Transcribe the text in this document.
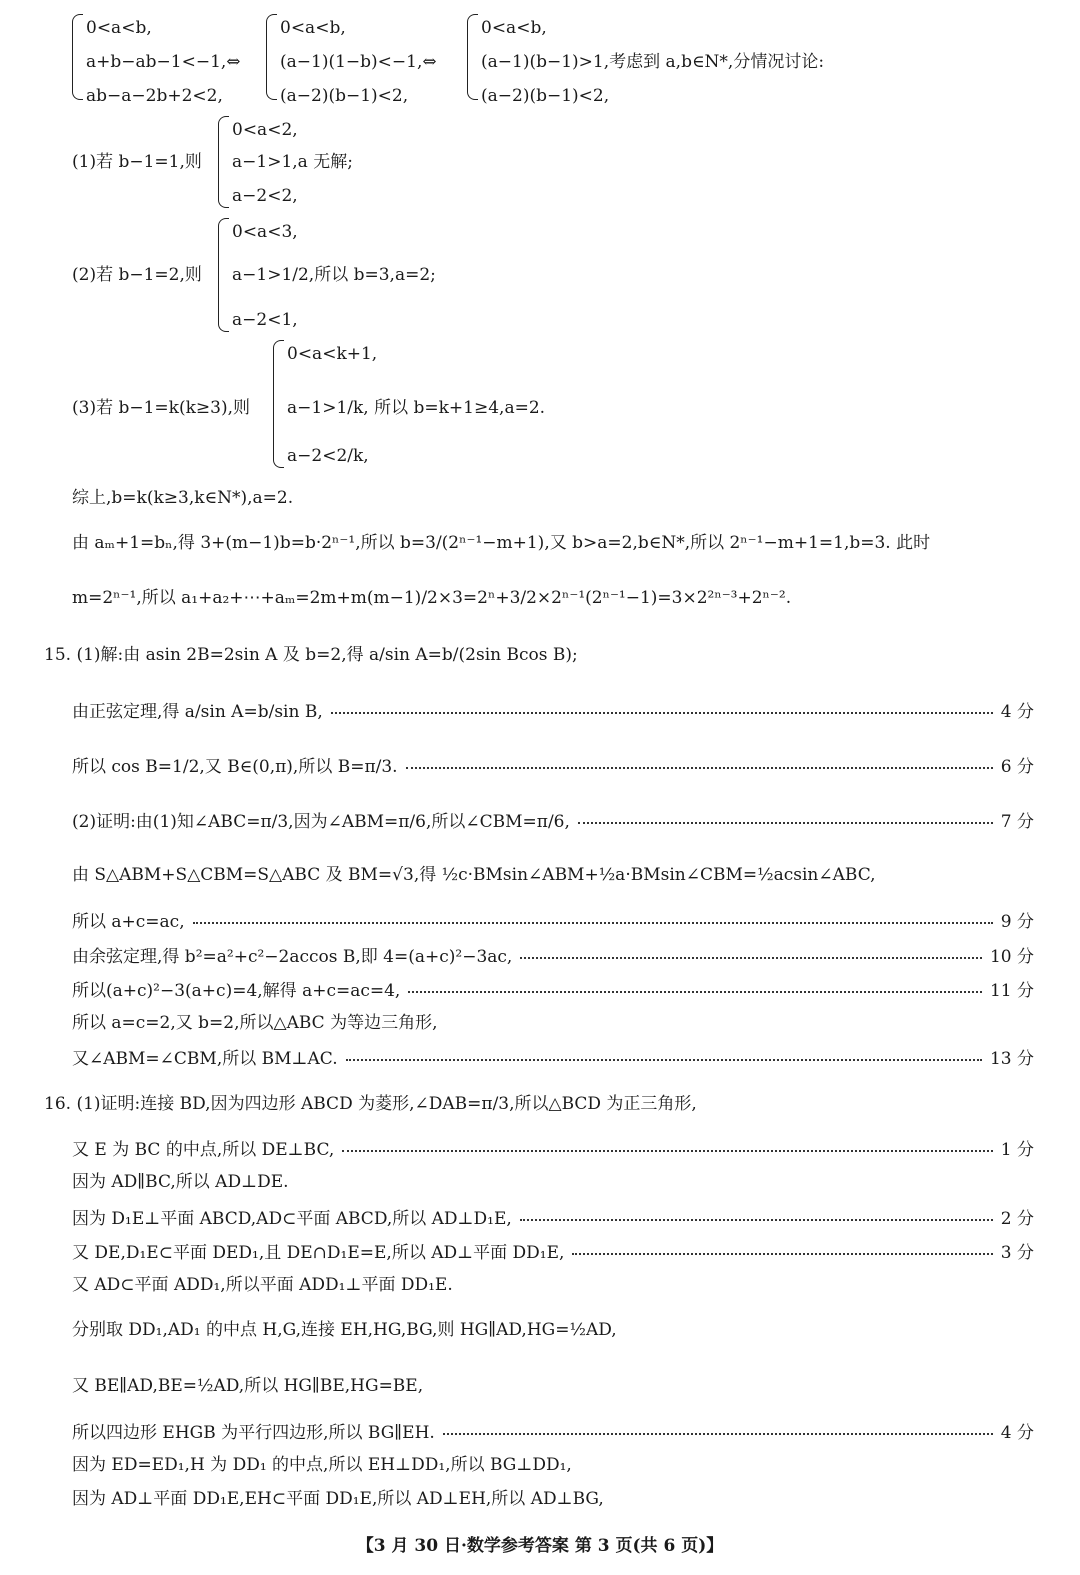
0<a<b,
a+b−ab−1<−1,⇔
ab−a−2b+2<2,
0<a<b,
(a−1)(1−b)<−1,⇔
(a−2)(b−1)<2,
0<a<b,
(a−1)(b−1)>1,考虑到 a,b∈N*,分情况讨论:
(a−2)(b−1)<2,
(1)若 b−1=1,则
0<a<2,
a−1>1,a 无解;
a−2<2,
(2)若 b−1=2,则
0<a<3,
a−1>1/2,所以 b=3,a=2;
a−2<1,
(3)若 b−1=k(k≥3),则
0<a<k+1,
a−1>1/k, 所以 b=k+1≥4,a=2.
a−2<2/k,
综上,b=k(k≥3,k∈N*),a=2.
由 aₘ+1=bₙ,得 3+(m−1)b=b·2ⁿ⁻¹,所以 b=3/(2ⁿ⁻¹−m+1),又 b>a=2,b∈N*,所以 2ⁿ⁻¹−m+1=1,b=3. 此时
m=2ⁿ⁻¹,所以 a₁+a₂+⋯+aₘ=2m+m(m−1)/2×3=2ⁿ+3/2×2ⁿ⁻¹(2ⁿ⁻¹−1)=3×2²ⁿ⁻³+2ⁿ⁻².
15. (1)解:由 asin 2B=2sin A 及 b=2,得 a/sin A=b/(2sin Bcos B);
由正弦定理,得 a/sin A=b/sin B,	4 分
所以 cos B=1/2,又 B∈(0,π),所以 B=π/3.	6 分
(2)证明:由(1)知∠ABC=π/3,因为∠ABM=π/6,所以∠CBM=π/6,	7 分
由 S△ABM+S△CBM=S△ABC 及 BM=√3,得 ½c·BMsin∠ABM+½a·BMsin∠CBM=½acsin∠ABC,
所以 a+c=ac,	9 分
由余弦定理,得 b²=a²+c²−2accos B,即 4=(a+c)²−3ac,	10 分
所以(a+c)²−3(a+c)=4,解得 a+c=ac=4,	11 分
所以 a=c=2,又 b=2,所以△ABC 为等边三角形,
又∠ABM=∠CBM,所以 BM⊥AC.	13 分
16. (1)证明:连接 BD,因为四边形 ABCD 为菱形,∠DAB=π/3,所以△BCD 为正三角形,
又 E 为 BC 的中点,所以 DE⊥BC,	1 分
因为 AD∥BC,所以 AD⊥DE.
因为 D₁E⊥平面 ABCD,AD⊂平面 ABCD,所以 AD⊥D₁E,	2 分
又 DE,D₁E⊂平面 DED₁,且 DE∩D₁E=E,所以 AD⊥平面 DD₁E,	3 分
又 AD⊂平面 ADD₁,所以平面 ADD₁⊥平面 DD₁E.
分别取 DD₁,AD₁ 的中点 H,G,连接 EH,HG,BG,则 HG∥AD,HG=½AD,
又 BE∥AD,BE=½AD,所以 HG∥BE,HG=BE,
所以四边形 EHGB 为平行四边形,所以 BG∥EH.	4 分
因为 ED=ED₁,H 为 DD₁ 的中点,所以 EH⊥DD₁,所以 BG⊥DD₁,
因为 AD⊥平面 DD₁E,EH⊂平面 DD₁E,所以 AD⊥EH,所以 AD⊥BG,
【3 月 30 日·数学参考答案 第 3 页(共 6 页)】
